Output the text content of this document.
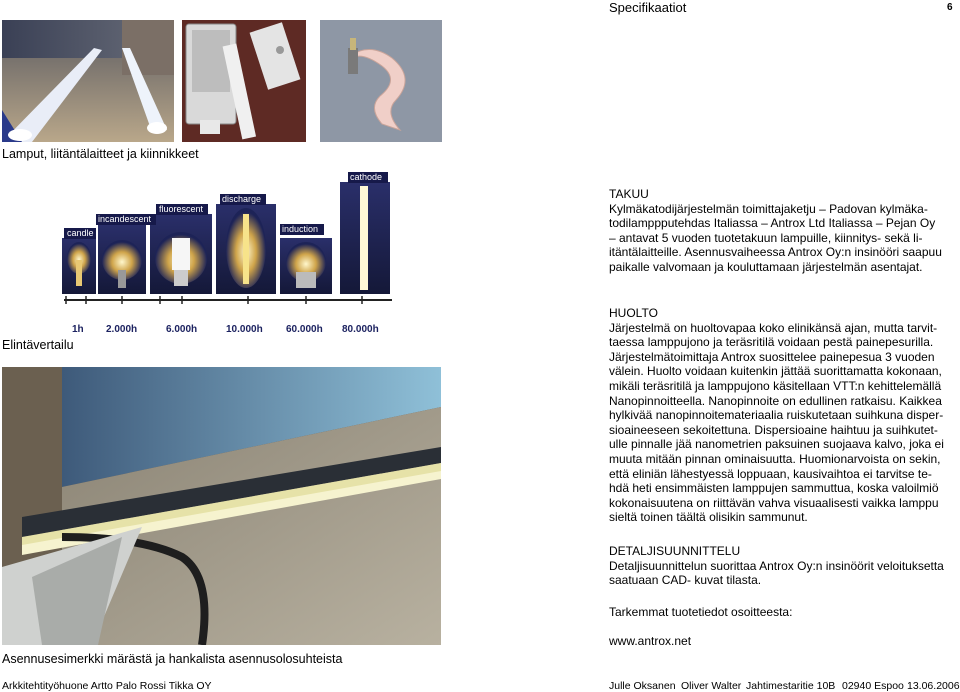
Specifikaatiot	6
Lamput, liitäntälaitteet ja kiinnikkeet
candle
incandescent
fluorescent
discharge
induction
cathode
1h 2.000h	6.000h	10.000h 60.000h 80.000h
Elintävertailu
Asennusesimerkki märästä ja hankalista asennusolosuhteista

TAKUU

Kylmäkatodijärjestelmän toimittajaketju – Padovan kylmäka-

todilamppputehdas Italiassa – Antrox Ltd Italiassa – Pejan Oy

– antavat 5 vuoden tuotetakuun lampuille, kiinnitys- sekä li-

itäntälaitteille. Asennusvaiheessa Antrox Oy:n insinööri saapuu

paikalle valvomaan ja kouluttamaan järjestelmän asentajat.

HUOLTO

Järjestelmä on huoltovapaa koko elinikänsä ajan, mutta tarvit-

taessa lamppujono ja teräsritilä voidaan pestä painepesurilla.

Järjestelmätoimittaja Antrox suosittelee painepesua 3 vuoden

välein. Huolto voidaan kuitenkin jättää suorittamatta kokonaan,

mikäli teräsritilä ja lamppujono käsitellaan VTT:n kehittelemällä

Nanopinnoitteella. Nanopinnoite on edullinen ratkaisu. Kaikkea

hylkivää nanopinnoitemateriaalia ruiskutetaan suihkuna disper-

sioaineeseen sekoitettuna. Dispersioaine haihtuu ja suihkutet-

ulle pinnalle jää nanometrien paksuinen suojaava kalvo, joka ei

muuta mitään pinnan ominaisuutta. Huomionarvoista on sekin,

että eliniän lähestyessä loppuaan, kausivaihtoa ei tarvitse te-

hdä heti ensimmäisten lamppujen sammuttua, koska valoilmiö

kokonaisuutena on riittävän vahva visuaalisesti vaikka lamppu

sieltä toinen täältä olisikin sammunut.

DETALJISUUNNITTELU

Detaljisuunnittelun suorittaa Antrox Oy:n insinöörit veloituksetta

saatuaan CAD- kuvat tilasta.

Tarkemmat tuotetiedot osoitteesta:
www.antrox.net
Arkkitehtityöhuone Artto Palo Rossi Tikka OY	Julle Oksanen Oliver Walter Jahtimestaritie 10B 02940 Espoo 13.06.2006
